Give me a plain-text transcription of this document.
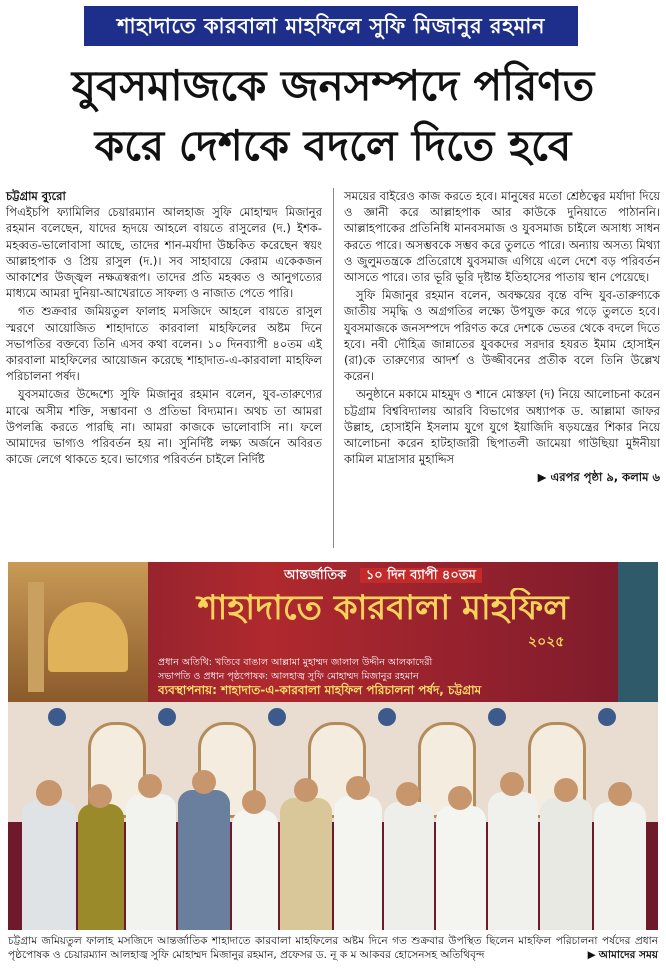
শাহাদাতে কারবালা মাহফিলে সুফি মিজানুর রহমান
যুবসমাজকে জনসম্পদে পরিণত
করে দেশকে বদলে দিতে হবে

চট্টগ্রাম ব্যুরো
পিএইচপি ফ্যামিলির চেয়ারম্যান আলহাজ সুফি মোহাম্মদ মিজানুর রহমান বলেছেন, যাদের হৃদয়ে আহলে বায়তে রাসুলের (দ.) ইশক-মহব্বত-ভালোবাসা আছে, তাদের শান-মর্যাদা উচ্চকিত করেছেন স্বয়ং আল্লাহপাক ও প্রিয় রাসুল (দ.)। সব সাহাবায়ে কেরাম একেকজন আকাশের উজ্জ্বল নক্ষত্রস্বরূপ। তাদের প্রতি মহব্বত ও আনুগত্যের মাধ্যমে আমরা দুনিয়া-আখেরাতে সাফল্য ও নাজাত পেতে পারি।

গত শুক্রবার জমিয়তুল ফালাহ মসজিদে আহলে বায়তে রাসুল স্মরণে আয়োজিত শাহাদাতে কারবালা মাহফিলের অষ্টম দিনে সভাপতির বক্তব্যে তিনি এসব কথা বলেন। ১০ দিনব্যাপী ৪০তম এই কারবালা মাহফিলের আয়োজন করেছে শাহাদাত-এ-কারবালা মাহফিল পরিচালনা পর্ষদ।

যুবসমাজের উদ্দেশ্যে সুফি মিজানুর রহমান বলেন, যুব-তারুণ্যের মাঝে অসীম শক্তি, সম্ভাবনা ও প্রতিভা বিদ্যমান। অথচ তা আমরা উপলব্ধি করতে পারছি না। আমরা কাজকে ভালোবাসি না। ফলে আমাদের ভাগ্যও পরিবর্তন হয় না। সুনির্দিষ্ট লক্ষ্য অর্জনে অবিরত কাজে লেগে থাকতে হবে। ভাগ্যের পরিবর্তন চাইলে নির্দিষ্ট

সময়ের বাইরেও কাজ করতে হবে। মানুষের মতো শ্রেষ্ঠত্বের মর্যাদা দিয়ে ও জ্ঞানী করে আল্লাহপাক আর কাউকে দুনিয়াতে পাঠাননি। আল্লাহপাকের প্রতিনিধি মানবসমাজ ও যুবসমাজ চাইলে অসাধ্য সাধন করতে পারে। অসম্ভবকে সম্ভব করে তুলতে পারে। অন্যায় অসত্য মিথ্যা ও জুলুমতন্ত্রকে প্রতিরোধে যুবসমাজ এগিয়ে এলে দেশে বড় পরিবর্তন আসতে পারে। তার ভূরি ভূরি দৃষ্টান্ত ইতিহাসের পাতায় স্থান পেয়েছে।

সুফি মিজানুর রহমান বলেন, অবক্ষয়ের বৃন্তে বন্দি যুব-তারুণ্যকে জাতীয় সমৃদ্ধি ও অগ্রগতির লক্ষ্যে উপযুক্ত করে গড়ে তুলতে হবে। যুবসমাজকে জনসম্পদে পরিণত করে দেশকে ভেতর থেকে বদলে দিতে হবে। নবী দৌহিত্র জান্নাতের যুবকদের সরদার হযরত ইমাম হোসাইন (রা)কে তারুণ্যের আদর্শ ও উজ্জীবনের প্রতীক বলে তিনি উল্লেখ করেন।

অনুষ্ঠানে মকামে মাহমুদ ও শানে মোস্তফা (দ) নিয়ে আলোচনা করেন চট্টগ্রাম বিশ্ববিদ্যালয় আরবি বিভাগের অধ্যাপক ড. আল্লামা জাফর উল্লাহ, হোসাইনি ইসলাম যুগে যুগে ইয়াজিদি ষড়যন্ত্রের শিকার নিয়ে আলোচনা করেন হাটহাজারী ছিপাতলী জামেয়া গাউছিয়া মুঈনীয়া কামিল মাদ্রাসার মুহাদ্দিস

▶ এরপর পৃষ্ঠা ৯, কলাম ৬
আন্তর্জাতিক ১০ দিন ব্যাপী ৪০তম
শাহাদাতে কারবালা মাহফিল
২০২৫
প্রধান অতিথি: খতিবে বাঙাল আল্লামা মুহাম্মদ জালাল উদ্দীন আলকাদেরী
সভাপতি ও প্রধান পৃষ্ঠপোষক: আলহাজ্ব সুফি মোহাম্মদ মিজানুর রহমান
ব্যবস্থাপনায়: শাহাদাত-এ-কারবালা মাহফিল পরিচালনা পর্ষদ, চট্টগ্রাম
চট্টগ্রাম জমিয়তুল ফালাহ মসজিদে আন্তর্জাতিক শাহাদাতে কারবালা মাহফিলের অষ্টম দিনে গত শুক্রবার উপস্থিত ছিলেন মাহফিল পরিচালনা পর্ষদের প্রধান পৃষ্ঠপোষক ও চেয়ারম্যান আলহাজ্ব সুফি মোহাম্মদ মিজানুর রহমান, প্রফেসর ড. নূ ক ম আকবর হোসেনসহ অতিথিবৃন্দ	▶ আমাদের সময়
